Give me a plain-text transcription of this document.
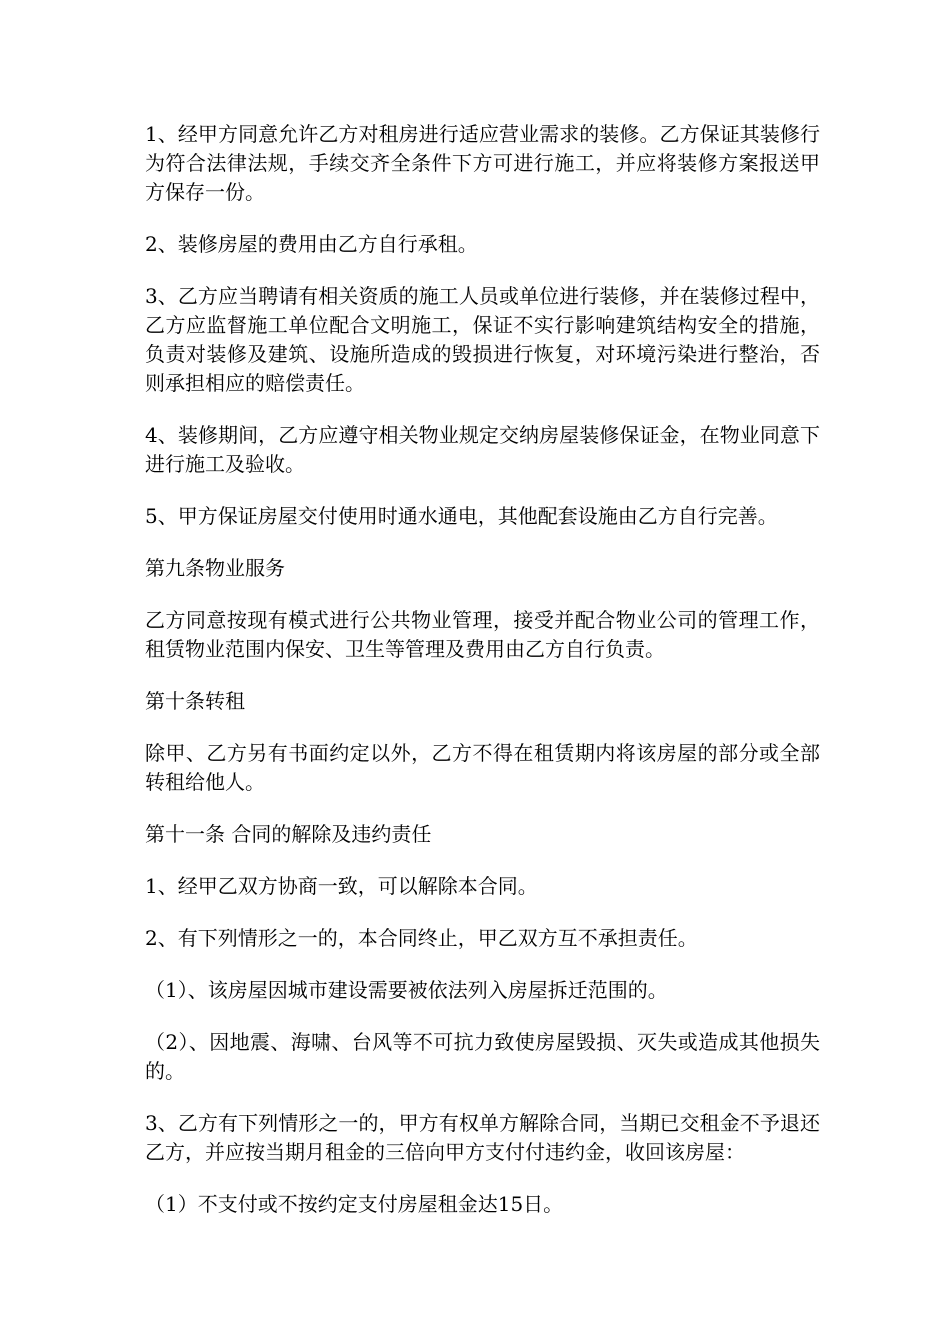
1、经甲方同意允许乙方对租房进行适应营业需求的装修。乙方保证其装修行为符合法律法规，手续交齐全条件下方可进行施工，并应将装修方案报送甲方保存一份。

2、装修房屋的费用由乙方自行承租。

3、乙方应当聘请有相关资质的施工人员或单位进行装修，并在装修过程中，乙方应监督施工单位配合文明施工，保证不实行影响建筑结构安全的措施，负责对装修及建筑、设施所造成的毁损进行恢复，对环境污染进行整治，否则承担相应的赔偿责任。

4、装修期间，乙方应遵守相关物业规定交纳房屋装修保证金，在物业同意下进行施工及验收。

5、甲方保证房屋交付使用时通水通电，其他配套设施由乙方自行完善。

第九条物业服务

乙方同意按现有模式进行公共物业管理，接受并配合物业公司的管理工作，租赁物业范围内保安、卫生等管理及费用由乙方自行负责。

第十条转租

除甲、乙方另有书面约定以外，乙方不得在租赁期内将该房屋的部分或全部转租给他人。

第十一条 合同的解除及违约责任

1、经甲乙双方协商一致，可以解除本合同。

2、有下列情形之一的，本合同终止，甲乙双方互不承担责任。

（1）、该房屋因城市建设需要被依法列入房屋拆迁范围的。

（2）、因地震、海啸、台风等不可抗力致使房屋毁损、灭失或造成其他损失的。

3、乙方有下列情形之一的，甲方有权单方解除合同，当期已交租金不予退还乙方，并应按当期月租金的三倍向甲方支付付违约金，收回该房屋：

（1）不支付或不按约定支付房屋租金达15日。
